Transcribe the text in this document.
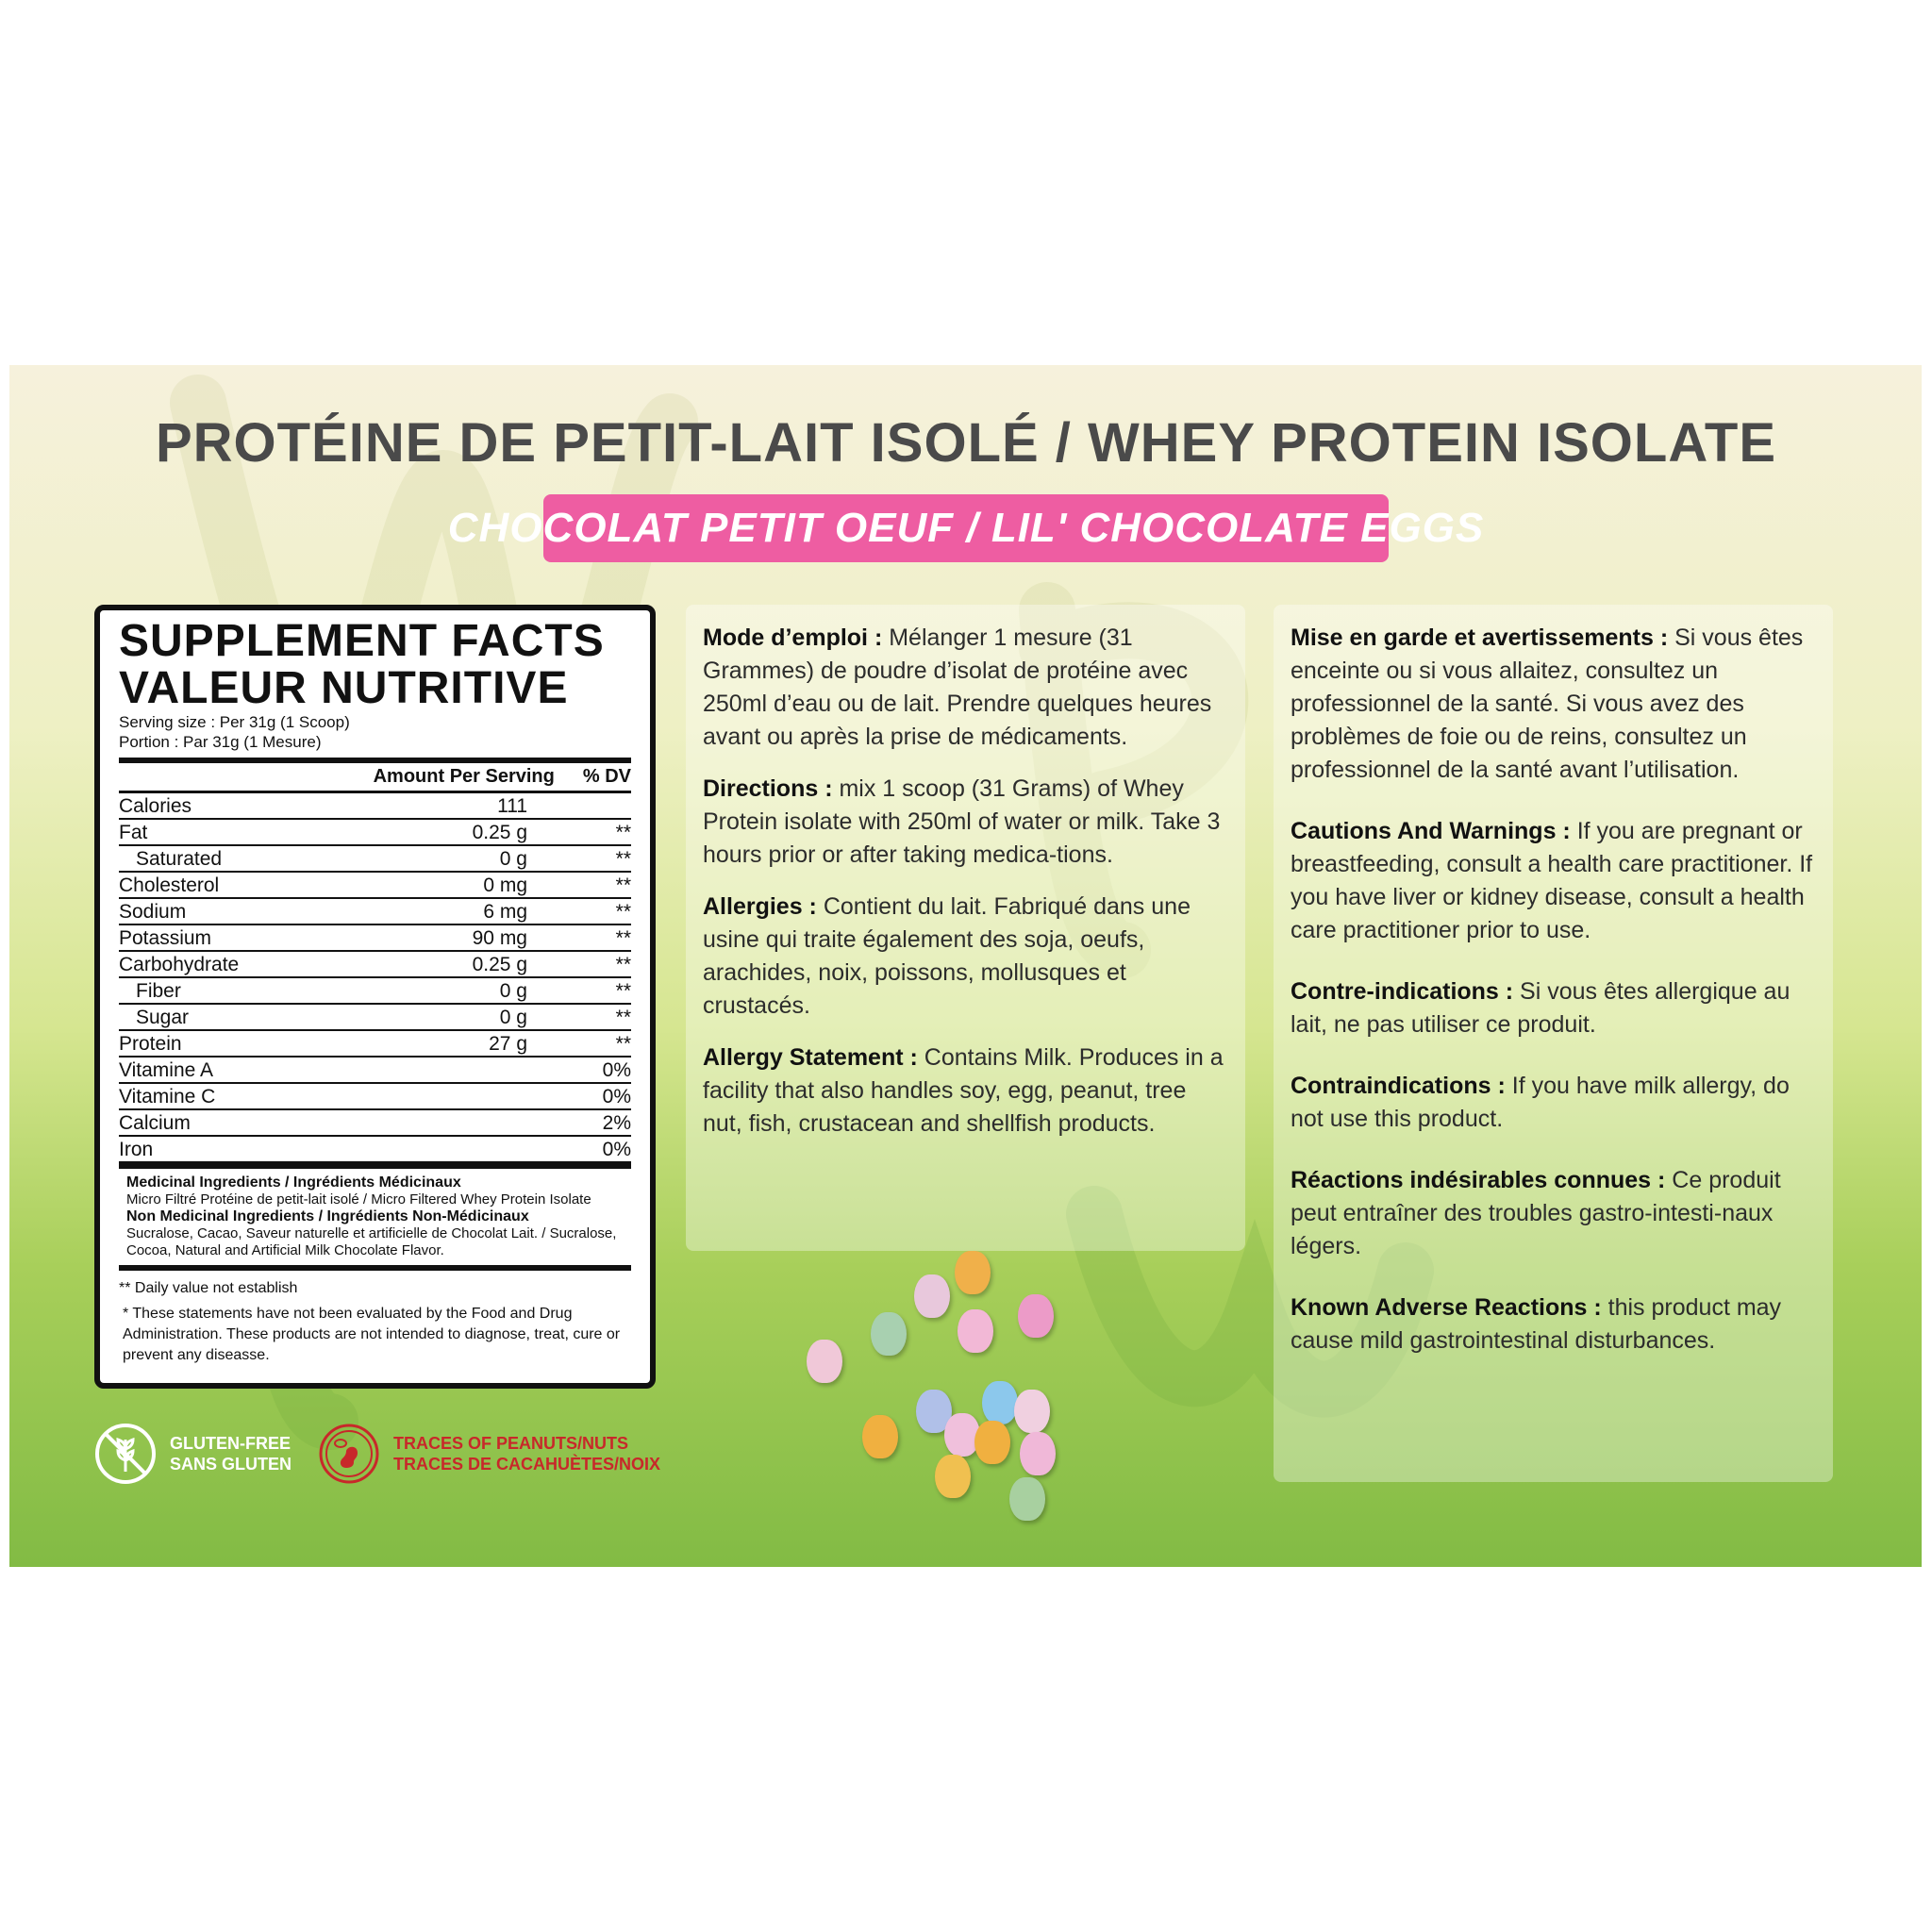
PROTÉINE DE PETIT-LAIT ISOLÉ / WHEY PROTEIN ISOLATE
CHOCOLAT PETIT OEUF / LIL' CHOCOLATE EGGS
SUPPLEMENT FACTS
VALEUR NUTRITIVE
Serving size : Per 31g (1 Scoop)
Portion : Par 31g (1 Mesure)
Amount Per Serving % DV
Calories	111
Fat	0.25 g	**
Saturated	0 g	**
Cholesterol	0 mg	**
Sodium	6 mg	**
Potassium	90 mg	**
Carbohydrate	0.25 g	**
Fiber	0 g	**
Sugar	0 g	**
Protein	27 g	**
Vitamine A	0%
Vitamine C	0%
Calcium	2%
Iron	0%
Medicinal Ingredients / Ingrédients Médicinaux
Micro Filtré Protéine de petit-lait isolé / Micro Filtered Whey Protein Isolate
Non Medicinal Ingredients / Ingrédients Non-Médicinaux
Sucralose, Cacao, Saveur naturelle et artificielle de Chocolat Lait. / Sucralose, Cocoa, Natural and Artificial Milk Chocolate Flavor.
** Daily value not establish
* These statements have not been evaluated by the Food and Drug Administration. These products are not intended to diagnose, treat, cure or prevent any diseasse.

Mode d’emploi : Mélanger 1 mesure (31 Grammes) de poudre d’isolat de protéine avec 250ml d’eau ou de lait. Prendre quelques heures avant ou après la prise de médicaments.

Directions : mix 1 scoop (31 Grams) of Whey Protein isolate with 250ml of water or milk. Take 3 hours prior or after taking medica-tions.

Allergies : Contient du lait. Fabriqué dans une usine qui traite également des soja, oeufs, arachides, noix, poissons, mollusques et crustacés.

Allergy Statement : Contains Milk. Produces in a facility that also handles soy, egg, peanut, tree nut, fish, crustacean and shellfish products.

Mise en garde et avertissements : Si vous êtes enceinte ou si vous allaitez, consultez un professionnel de la santé. Si vous avez des problèmes de foie ou de reins, consultez un professionnel de la santé avant l’utilisation.

Cautions And Warnings : If you are pregnant or breastfeeding, consult a health care practitioner. If you have liver or kidney disease, consult a health care practitioner prior to use.

Contre-indications : Si vous êtes allergique au lait, ne pas utiliser ce produit.

Contraindications : If you have milk allergy, do not use this product.

Réactions indésirables connues : Ce produit peut entraîner des troubles gastro-intesti-naux légers.

Known Adverse Reactions : this product may cause mild gastrointestinal disturbances.

GLUTEN-FREE
SANS GLUTEN
TRACES OF PEANUTS/NUTS
TRACES DE CACAHUÈTES/NOIX
